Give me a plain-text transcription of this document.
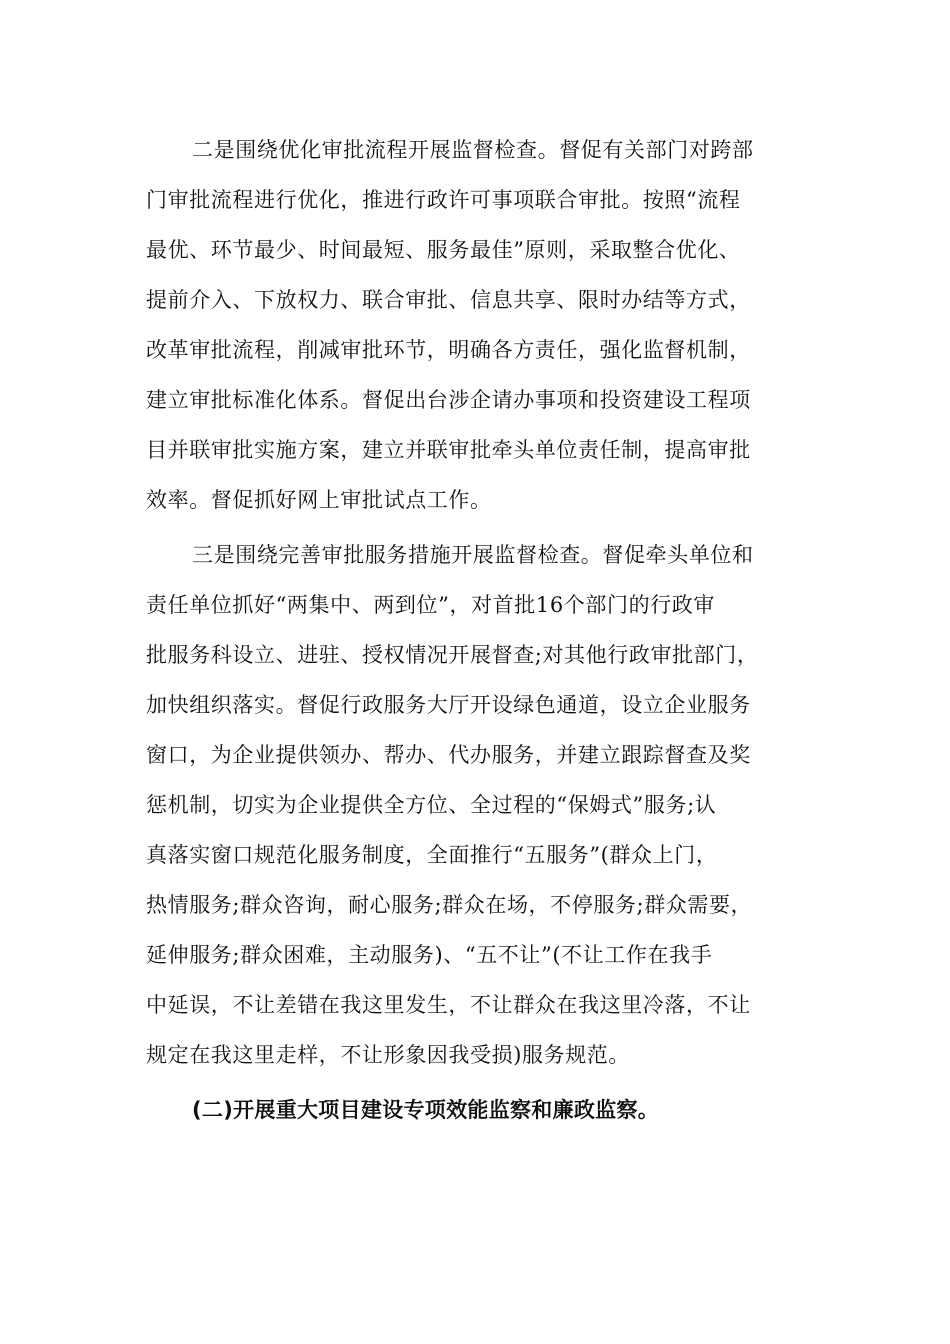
二是围绕优化审批流程开展监督检查。督促有关部门对跨部
门审批流程进行优化，推进行政许可事项联合审批。按照“流程
最优、环节最少、时间最短、服务最佳”原则，采取整合优化、
提前介入、下放权力、联合审批、信息共享、限时办结等方式，
改革审批流程，削减审批环节，明确各方责任，强化监督机制，
建立审批标准化体系。督促出台涉企请办事项和投资建设工程项
目并联审批实施方案，建立并联审批牵头单位责任制，提高审批
效率。督促抓好网上审批试点工作。
三是围绕完善审批服务措施开展监督检查。督促牵头单位和
责任单位抓好“两集中、两到位”，对首批16个部门的行政审
批服务科设立、进驻、授权情况开展督查;对其他行政审批部门，
加快组织落实。督促行政服务大厅开设绿色通道，设立企业服务
窗口，为企业提供领办、帮办、代办服务，并建立跟踪督查及奖
惩机制，切实为企业提供全方位、全过程的“保姆式”服务;认
真落实窗口规范化服务制度，全面推行“五服务”(群众上门，
热情服务;群众咨询，耐心服务;群众在场，不停服务;群众需要，
延伸服务;群众困难，主动服务)、“五不让”(不让工作在我手
中延误，不让差错在我这里发生，不让群众在我这里冷落，不让
规定在我这里走样，不让形象因我受损)服务规范。
(二)开展重大项目建设专项效能监察和廉政监察。
